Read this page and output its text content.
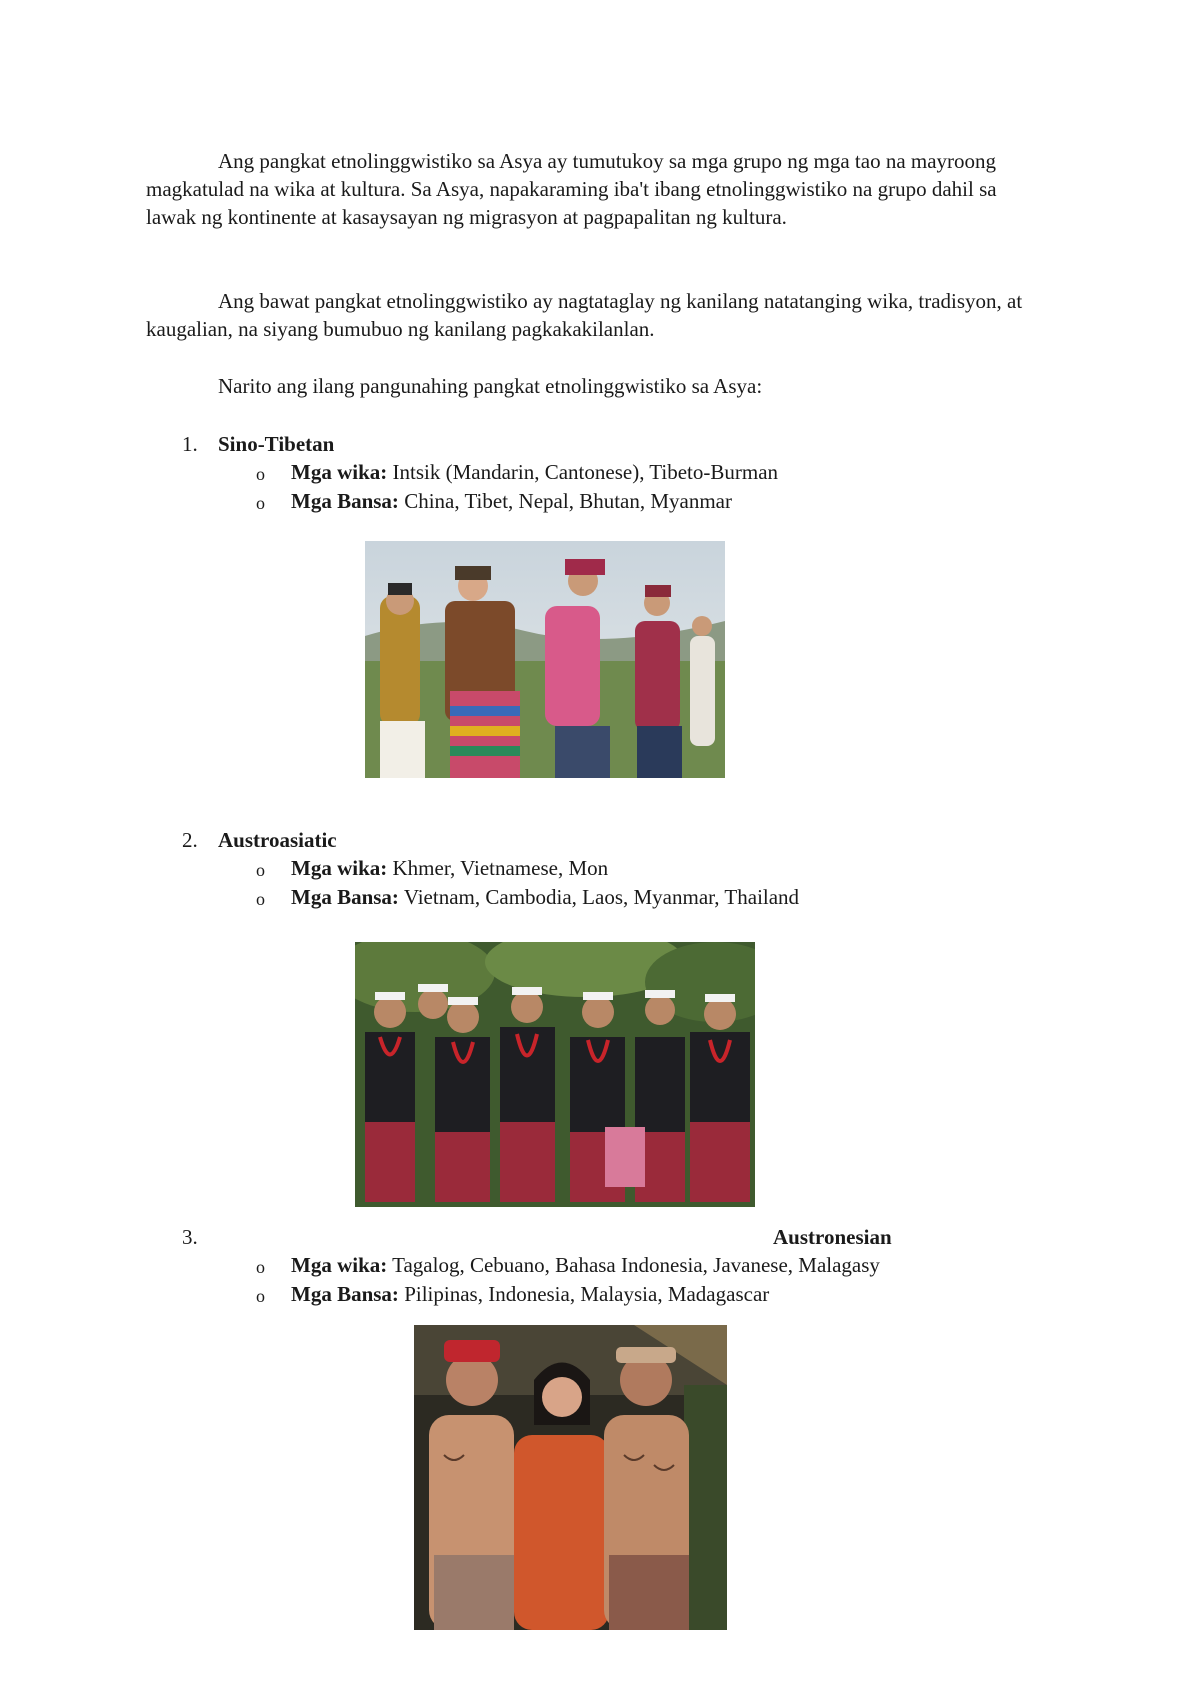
Ang pangkat etnolinggwistiko sa Asya ay tumutukoy sa mga grupo ng mga tao na mayroong magkatulad na wika at kultura. Sa Asya, napakaraming iba't ibang etnolinggwistiko na grupo dahil sa lawak ng kontinente at kasaysayan ng migrasyon at pagpapalitan ng kultura.

Ang bawat pangkat etnolinggwistiko ay nagtataglay ng kanilang natatanging wika, tradisyon, at kaugalian, na siyang bumubuo ng kanilang pagkakakilanlan.

Narito ang ilang pangunahing pangkat etnolinggwistiko sa Asya:

1. Sino-Tibetan
o Mga wika: Intsik (Mandarin, Cantonese), Tibeto-Burman
o Mga Bansa: China, Tibet, Nepal, Bhutan, Myanmar
2. Austroasiatic
o Mga wika: Khmer, Vietnamese, Mon
o Mga Bansa: Vietnam, Cambodia, Laos, Myanmar, Thailand
3.	Austronesian
o Mga wika: Tagalog, Cebuano, Bahasa Indonesia, Javanese, Malagasy
o Mga Bansa: Pilipinas, Indonesia, Malaysia, Madagascar
